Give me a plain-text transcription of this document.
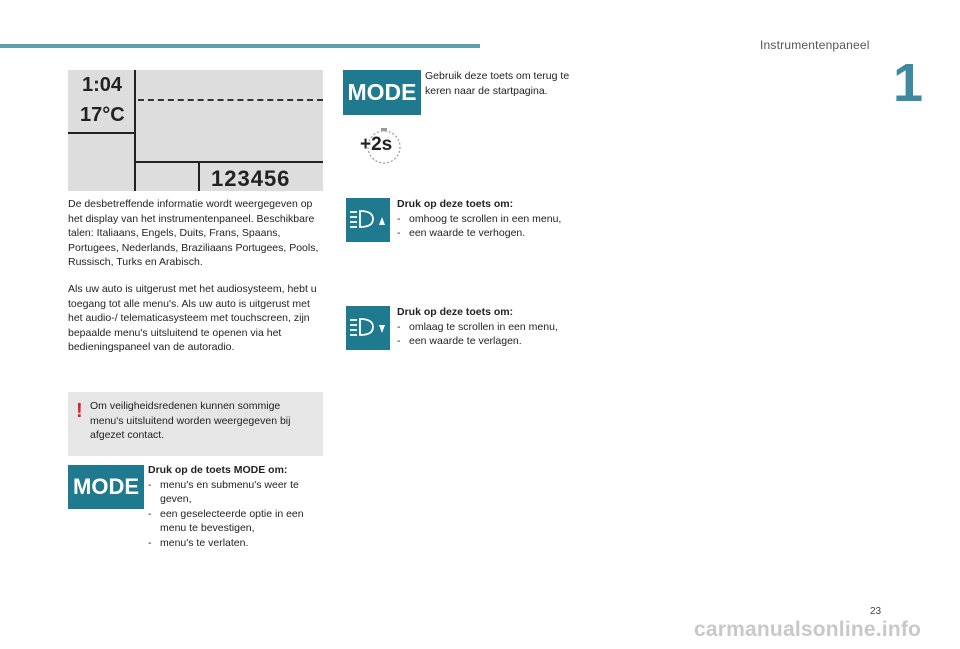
Instrumentenpaneel
1
1:04
17°C
123456
De desbetreffende informatie wordt weergegeven op het display van het instrumentenpaneel. Beschikbare talen: Italiaans, Engels, Duits, Frans, Spaans, Portugees, Nederlands, Braziliaans Portugees, Pools, Russisch, Turks en Arabisch.
Als uw auto is uitgerust met het audiosysteem, hebt u toegang tot alle menu's. Als uw auto is uitgerust met het audio-/ telematicasysteem met touchscreen, zijn bepaalde menu's uitsluitend te openen via het bedieningspaneel van de autoradio.
! Om veiligheidsredenen kunnen sommige menu's uitsluitend worden weergegeven bij afgezet contact.
MODE
Druk op de toets MODE om:
- menu's en submenu's weer te geven,
- een geselecteerde optie in een menu te bevestigen,
- menu's te verlaten.
MODE
Gebruik deze toets om terug te keren naar de startpagina.
+2s
Druk op deze toets om:
- omhoog te scrollen in een menu,
- een waarde te verhogen.
Druk op deze toets om:
- omlaag te scrollen in een menu,
- een waarde te verlagen.
23
carmanualsonline.info
